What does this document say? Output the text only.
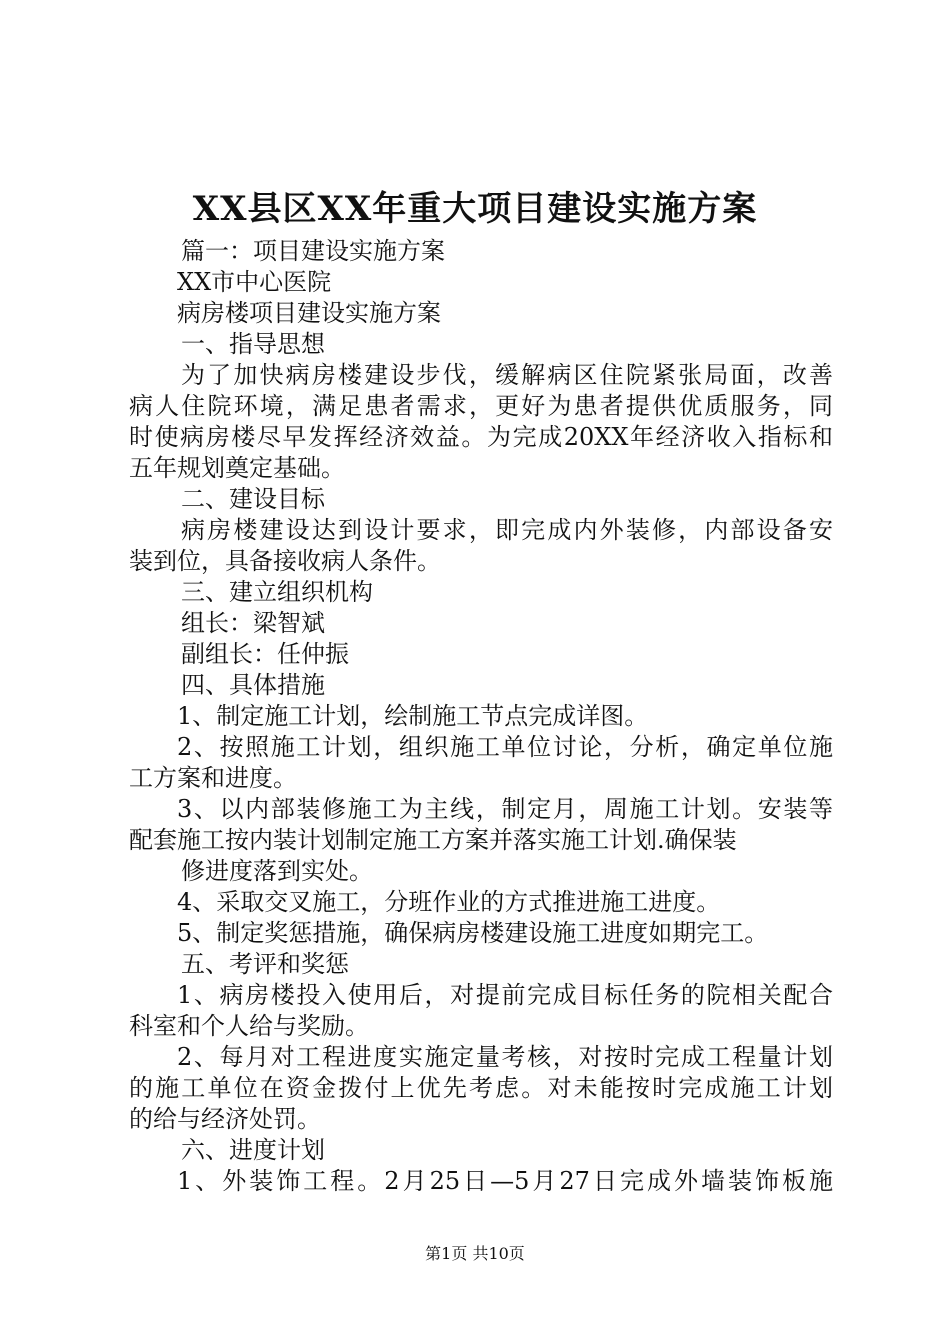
XX县区XX年重大项目建设实施方案
篇一：项目建设实施方案
XX市中心医院
病房楼项目建设实施方案
一、指导思想
为了加快病房楼建设步伐，缓解病区住院紧张局面，改善
病人住院环境，满足患者需求，更好为患者提供优质服务，同
时使病房楼尽早发挥经济效益。为完成20XX年经济收入指标和
五年规划奠定基础。
二、建设目标
病房楼建设达到设计要求，即完成内外装修，内部设备安
装到位，具备接收病人条件。
三、建立组织机构
组长：梁智斌
副组长：任仲振
四、具体措施
1、制定施工计划，绘制施工节点完成详图。
2、按照施工计划，组织施工单位讨论，分析，确定单位施
工方案和进度。
3、以内部装修施工为主线，制定月，周施工计划。安装等
配套施工按内装计划制定施工方案并落实施工计划.确保装
修进度落到实处。
4、采取交叉施工，分班作业的方式推进施工进度。
5、制定奖惩措施，确保病房楼建设施工进度如期完工。
五、考评和奖惩
1、病房楼投入使用后，对提前完成目标任务的院相关配合
科室和个人给与奖励。
2、每月对工程进度实施定量考核，对按时完成工程量计划
的施工单位在资金拨付上优先考虑。对未能按时完成施工计划
的给与经济处罚。
六、进度计划
1、外装饰工程。2月25日—5月27日完成外墙装饰板施
第1页 共10页
